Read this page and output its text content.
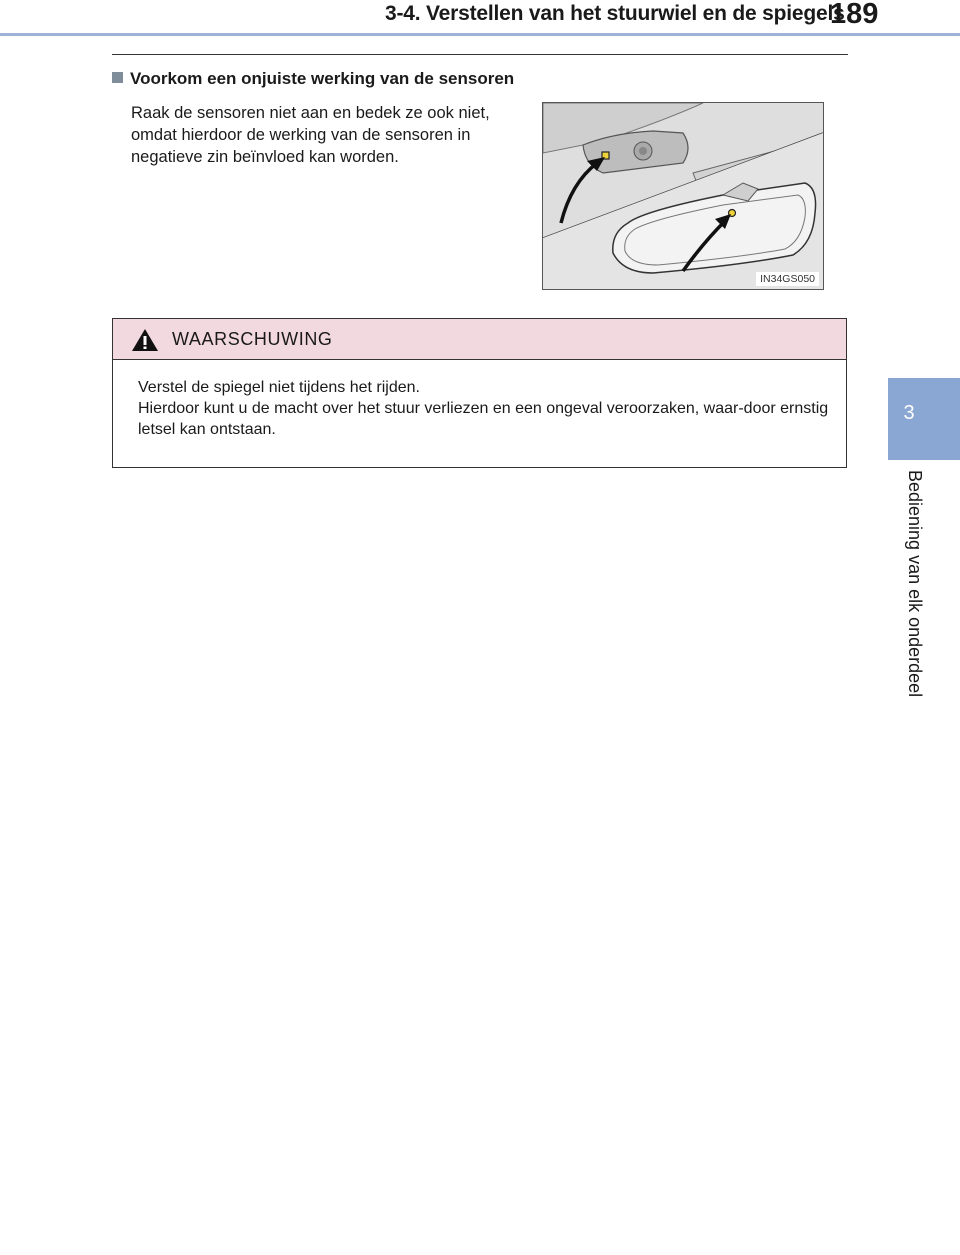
3-4. Verstellen van het stuurwiel en de spiegels
189
3
Bediening van elk onderdeel
Voorkom een onjuiste werking van de sensoren
Raak de sensoren niet aan en bedek ze ook niet, omdat hierdoor de werking van de sensoren in negatieve zin beïnvloed kan worden.
IN34GS050
WAARSCHUWING
Verstel de spiegel niet tijdens het rijden.
Hierdoor kunt u de macht over het stuur verliezen en een ongeval veroorzaken, waar-door ernstig letsel kan ontstaan.
